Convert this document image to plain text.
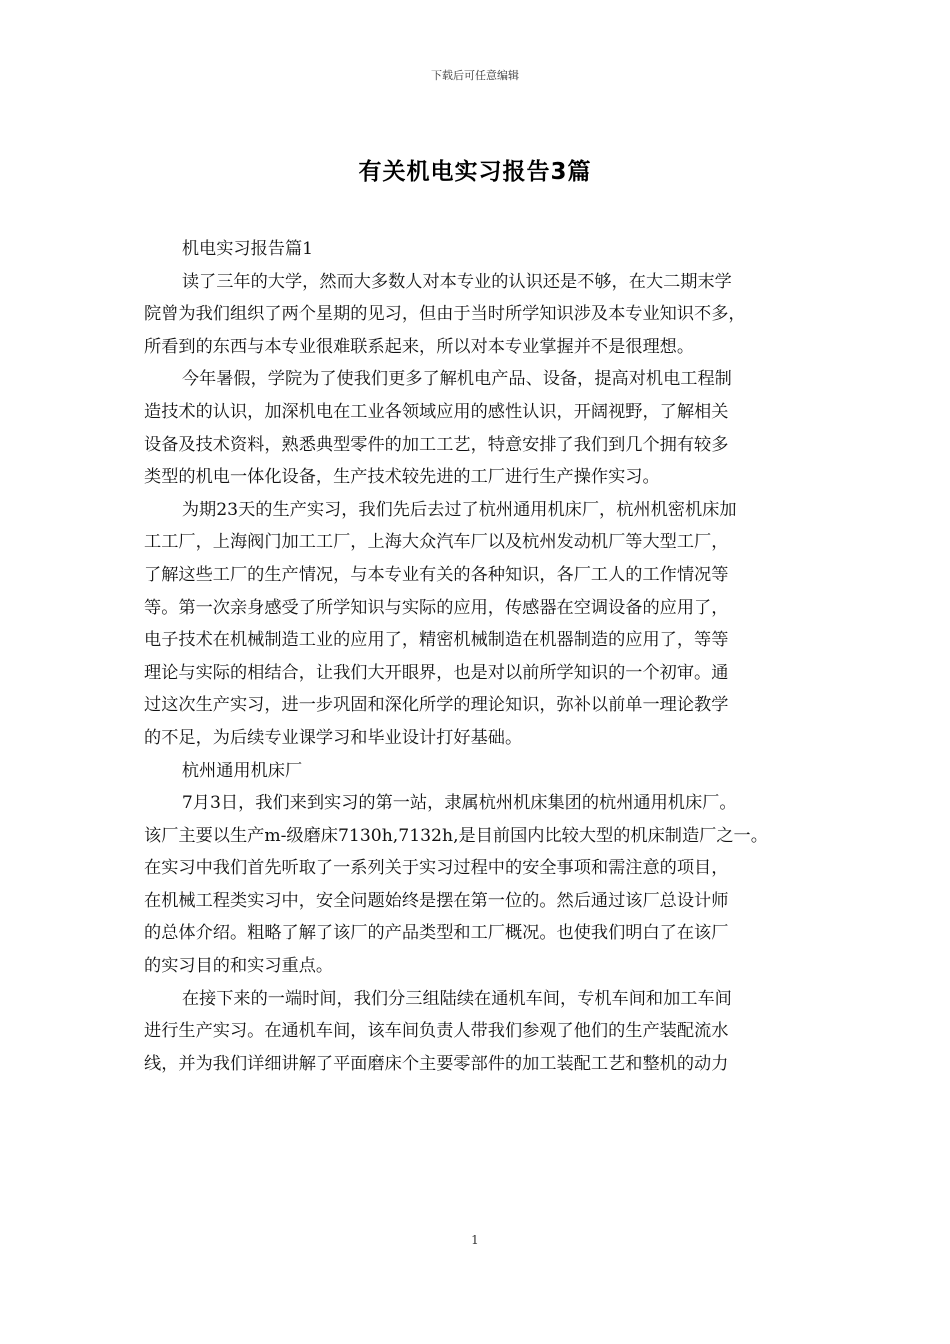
下载后可任意编辑
有关机电实习报告3篇
机电实习报告篇1
读了三年的大学，然而大多数人对本专业的认识还是不够，在大二期末学
院曾为我们组织了两个星期的见习，但由于当时所学知识涉及本专业知识不多，
所看到的东西与本专业很难联系起来，所以对本专业掌握并不是很理想。
今年暑假，学院为了使我们更多了解机电产品、设备，提高对机电工程制
造技术的认识，加深机电在工业各领域应用的感性认识，开阔视野，了解相关
设备及技术资料，熟悉典型零件的加工工艺，特意安排了我们到几个拥有较多
类型的机电一体化设备，生产技术较先进的工厂进行生产操作实习。
为期23天的生产实习，我们先后去过了杭州通用机床厂，杭州机密机床加
工工厂，上海阀门加工工厂，上海大众汽车厂以及杭州发动机厂等大型工厂，
了解这些工厂的生产情况，与本专业有关的各种知识，各厂工人的工作情况等
等。第一次亲身感受了所学知识与实际的应用，传感器在空调设备的应用了，
电子技术在机械制造工业的应用了，精密机械制造在机器制造的应用了，等等
理论与实际的相结合，让我们大开眼界，也是对以前所学知识的一个初审。通
过这次生产实习，进一步巩固和深化所学的理论知识，弥补以前单一理论教学
的不足，为后续专业课学习和毕业设计打好基础。
杭州通用机床厂
7月3日，我们来到实习的第一站，隶属杭州机床集团的杭州通用机床厂。
该厂主要以生产m-级磨床7130h,7132h,是目前国内比较大型的机床制造厂之一。
在实习中我们首先听取了一系列关于实习过程中的安全事项和需注意的项目，
在机械工程类实习中，安全问题始终是摆在第一位的。然后通过该厂总设计师
的总体介绍。粗略了解了该厂的产品类型和工厂概况。也使我们明白了在该厂
的实习目的和实习重点。
在接下来的一端时间，我们分三组陆续在通机车间，专机车间和加工车间
进行生产实习。在通机车间，该车间负责人带我们参观了他们的生产装配流水
线，并为我们详细讲解了平面磨床个主要零部件的加工装配工艺和整机的动力
1
